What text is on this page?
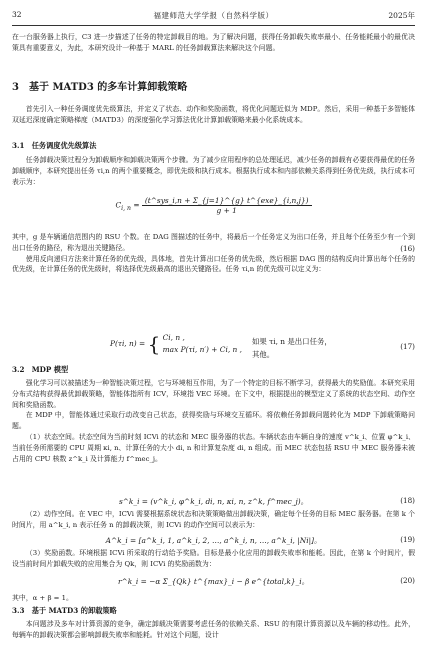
32	福建师范大学学报（自然科学版）	2025年

在一台服务器上执行，C3 进一步描述了任务的特定卸载目的地。为了解决问题，获得任务卸载失败率最小、任务能耗最小的最优决策具有重要意义，为此，本研究设计一种基于 MARL 的任务卸载算法来解决这个问题。

3　基于 MATD3 的多车计算卸载策略

首先引入一种任务调度优先级算法，并定义了状态、动作和奖励函数，将优化问题近似为 MDP。然后，采用一种基于多智能体双延迟深度确定策略梯度（MATD3）的深度强化学习算法优化计算卸载策略来最小化系统成本。

3.1　任务调度优先级算法

任务卸载决策过程分为卸载顺序和卸载决策两个步骤。为了减少应用程序的总处理延迟，减少任务的卸载有必要获得最优的任务卸载顺序，本研究提出任务 τi,n 的两个重要概念，即优先级和执行成本。根据执行成本和内部依赖关系得到任务优先级，执行成本可表示为：

$C_{i, n} = \frac{\text{(t\textasciicircum{}sys\_i,n + Σ\_\{j=1\}\textasciicircum{}\{g\} t\textasciicircum{}\{exe\}\_\{i,n,j\})}}{g + 1}$
(16)

其中，g 是车辆通信范围内的 RSU 个数。在 DAG 图描述的任务中，将最后一个任务定义为出口任务，并且每个任务至少有一个到出口任务的路径，称为退出关键路径。

使用反向递归方法来计算任务的优先级，具体地，首先计算出口任务的优先级，然后根据 DAG 图的结构反向计算出每个任务的优先级，在计算任务的优先级时，将选择优先级最高的退出关键路径。任务 τi,n 的优先级可以定义为：

P(τi, n) = { Ci, n ,
max P(τi, n′) + Ci, n ,
如果 τi, n 是出口任务，
其他。
(17)
3.2　MDP 模型

强化学习可以被描述为一种智能决策过程，它与环境相互作用，为了一个特定的目标不断学习，获得最大的奖励值。本研究采用分布式结构获得最优卸载策略，智能体指所有 ICV，环境指 VEC 环境。在下文中，根据提出的模型定义了系统的状态空间、动作空间和奖励函数。

在 MDP 中，智能体通过采取行动改变自己状态，获得奖励与环境交互循环。将依赖任务卸载问题转化为 MDP 下卸载策略问题。

（1）状态空间。状态空间为当前时刻 ICVi 的状态和 MEC 服务器的状态。车辆状态由车辆自身的速度 v^k_i、位置 φ^k_i、当前任务所需要的 CPU 周期 κi, n、计算任务的大小 di, n 和计算复杂度 di, n 组成。而 MEC 状态包括 RSU 中 MEC 服务器未被占用的 CPU 核数 z^k_i 及计算能力 f^mec_j。

s^k_i = (v^k_i, φ^k_i, di, n, κi, n, z^k, f^mec_j)。	(18)

（2）动作空间。在 VEC 中，ICVi 需要根据系统状态和决策策略做出卸载决策，确定每个任务的目标 MEC 服务器。在第 k 个时间片，用 a^k_i, n 表示任务 n 的卸载决策，则 ICVi 的动作空间可以表示为：

A^k_i = [a^k_i, 1, a^k_i, 2, …, a^k_i, n, …, a^k_i, |Ni|]。	(19)

（3）奖励函数。环境根据 ICVi 所采取的行动给予奖励。目标是最小化应用的卸载失败率和能耗。因此，在第 k 个时间片，假设当前时间片卸载失败的应用集合为 Qk，则 ICVi 的奖励函数为：

r^k_i = −α Σ_{Qk} t^{max}_i − β e^{total,k}_i。	(20)

其中，α + β = 1。

3.3　基于 MATD3 的卸载策略

本问题涉及多车对计算资源的竞争，确定卸载决策需要考虑任务的依赖关系、RSU 的有限计算资源以及车辆的移动性。此外，每辆车的卸载决策都会影响卸载失败率和能耗。针对这个问题，设计
